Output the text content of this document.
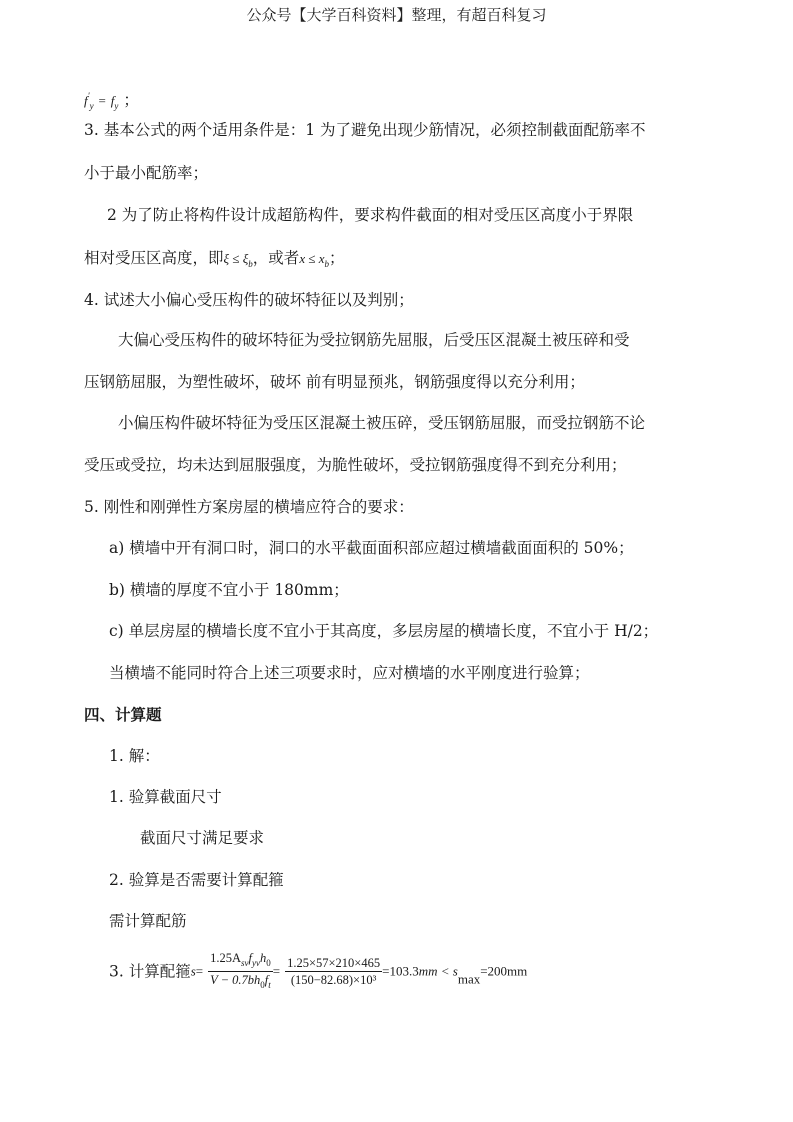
公众号【大学百科资料】整理，有超百科复习
$f'_y = f_y$ ；
3. 基本公式的两个适用条件是：1 为了避免出现少筋情况，必须控制截面配筋率不
小于最小配筋率；
2 为了防止将构件设计成超筋构件，要求构件截面的相对受压区高度小于界限
相对受压区高度，即$\xi \le \xi_b$，或者$x \le x_b$；
4. 试述大小偏心受压构件的破坏特征以及判别；
大偏心受压构件的破坏特征为受拉钢筋先屈服，后受压区混凝土被压碎和受
压钢筋屈服，为塑性破坏，破坏 前有明显预兆，钢筋强度得以充分利用；
小偏压构件破坏特征为受压区混凝土被压碎，受压钢筋屈服，而受拉钢筋不论
受压或受拉，均未达到屈服强度，为脆性破坏，受拉钢筋强度得不到充分利用；
5. 刚性和刚弹性方案房屋的横墙应符合的要求：
a) 横墙中开有洞口时，洞口的水平截面面积部应超过横墙截面面积的 50%；
b) 横墙的厚度不宜小于 180mm；
c) 单层房屋的横墙长度不宜小于其高度，多层房屋的横墙长度，不宜小于 H/2；
当横墙不能同时符合上述三项要求时，应对横墙的水平刚度进行验算；
四、计算题
1. 解：
1. 验算截面尺寸
截面尺寸满足要求
2. 验算是否需要计算配箍
需计算配筋
3. 计算配箍$s= \frac{1.25A_{sv}f_{yv}h_0}{V - 0.7bh_0f_t} = \frac{1.25\times 57\times 210\times 465}{\text{(150−82.68)×10³}} =103.3mm < s_{max}=200mm$
